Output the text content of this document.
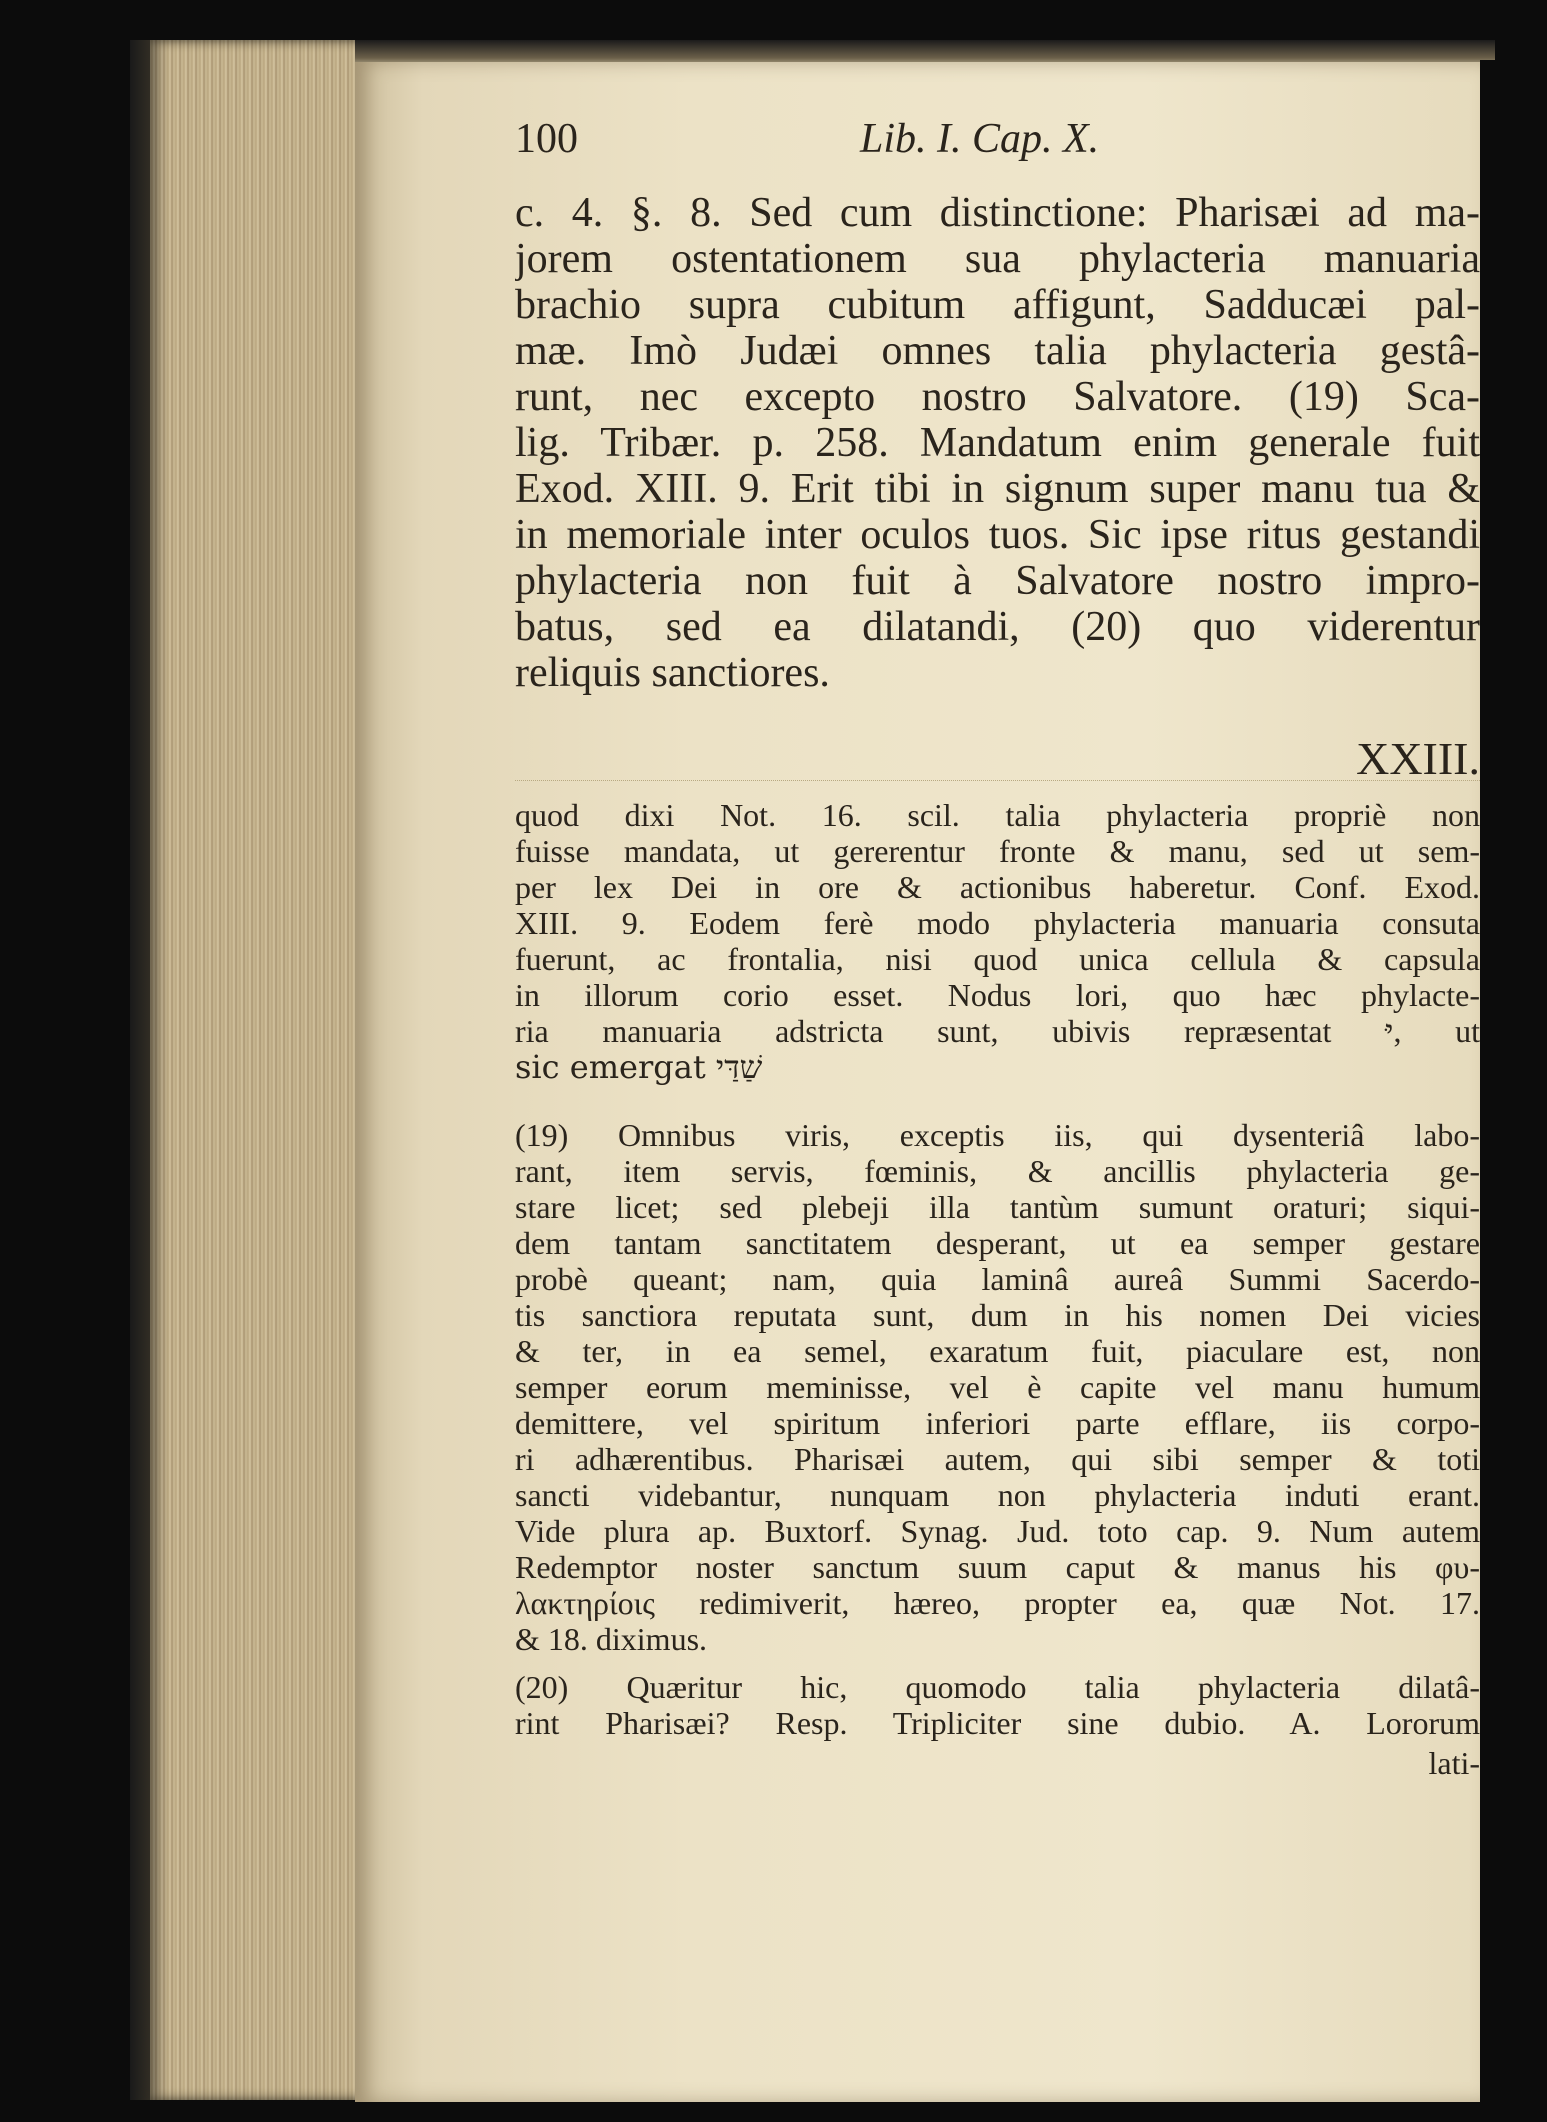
100	Lib. I. Cap. X.
c. 4. §. 8. Sed cum distinctione: Pharisæi ad ma-
jorem ostentationem sua phylacteria manuaria
brachio supra cubitum affigunt, Sadducæi pal-
mæ. Imò Judæi omnes talia phylacteria gestâ-
runt, nec excepto nostro Salvatore. (19) Sca-
lig. Tribær. p. 258. Mandatum enim generale fuit
Exod. XIII. 9. Erit tibi in signum super manu tua &
in memoriale inter oculos tuos. Sic ipse ritus gestandi
phylacteria non fuit à Salvatore nostro impro-
batus, sed ea dilatandi, (20) quo viderentur
reliquis sanctiores.
XXIII.
quod dixi Not. 16. scil. talia phylacteria propriè non
fuisse mandata, ut gererentur fronte & manu, sed ut sem-
per lex Dei in ore & actionibus haberetur. Conf. Exod.
XIII. 9. Eodem ferè modo phylacteria manuaria consuta
fuerunt, ac frontalia, nisi quod unica cellula & capsula
in illorum corio esset. Nodus lori, quo hæc phylacte-
ria manuaria adstricta sunt, ubivis repræsentat יּ, ut
sic emergat שַׁדַּי
(19) Omnibus viris, exceptis iis, qui dysenteriâ labo-
rant, item servis, fœminis, & ancillis phylacteria ge-
stare licet; sed plebeji illa tantùm sumunt oraturi; siqui-
dem tantam sanctitatem desperant, ut ea semper gestare
probè queant; nam, quia laminâ aureâ Summi Sacerdo-
tis sanctiora reputata sunt, dum in his nomen Dei vicies
& ter, in ea semel, exaratum fuit, piaculare est, non
semper eorum meminisse, vel è capite vel manu humum
demittere, vel spiritum inferiori parte efflare, iis corpo-
ri adhærentibus. Pharisæi autem, qui sibi semper & toti
sancti videbantur, nunquam non phylacteria induti erant.
Vide plura ap. Buxtorf. Synag. Jud. toto cap. 9. Num autem
Redemptor noster sanctum suum caput & manus his φυ-
λακτηρίοις redimiverit, hæreo, propter ea, quæ Not. 17.
& 18. diximus.
(20) Quæritur hic, quomodo talia phylacteria dilatâ-
rint Pharisæi? Resp. Tripliciter sine dubio. A. Lororum
lati-
